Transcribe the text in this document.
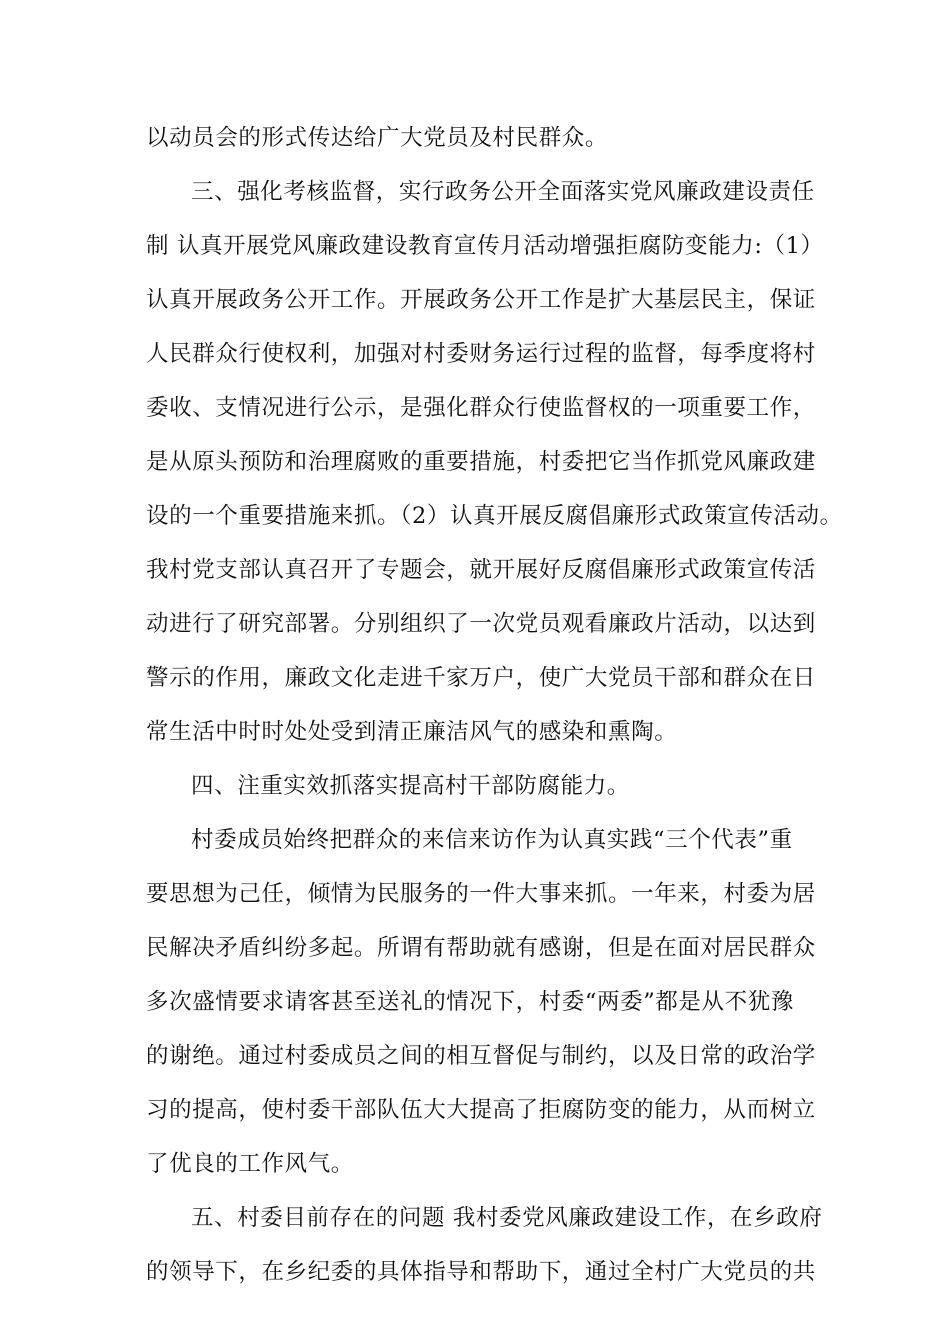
以动员会的形式传达给广大党员及村民群众。
三、强化考核监督，实行政务公开全面落实党风廉政建设责任
制 认真开展党风廉政建设教育宣传月活动增强拒腐防变能力:（1）
认真开展政务公开工作。开展政务公开工作是扩大基层民主，保证
人民群众行使权利，加强对村委财务运行过程的监督，每季度将村
委收、支情况进行公示，是强化群众行使监督权的一项重要工作，
是从原头预防和治理腐败的重要措施，村委把它当作抓党风廉政建
设的一个重要措施来抓。（2）认真开展反腐倡廉形式政策宣传活动。
我村党支部认真召开了专题会，就开展好反腐倡廉形式政策宣传活
动进行了研究部署。分别组织了一次党员观看廉政片活动，以达到
警示的作用，廉政文化走进千家万户，使广大党员干部和群众在日
常生活中时时处处受到清正廉洁风气的感染和熏陶。
四、注重实效抓落实提高村干部防腐能力。
村委成员始终把群众的来信来访作为认真实践“三个代表”重
要思想为己任，倾情为民服务的一件大事来抓。一年来，村委为居
民解决矛盾纠纷多起。所谓有帮助就有感谢，但是在面对居民群众
多次盛情要求请客甚至送礼的情况下，村委“两委”都是从不犹豫
的谢绝。通过村委成员之间的相互督促与制约，以及日常的政治学
习的提高，使村委干部队伍大大提高了拒腐防变的能力，从而树立
了优良的工作风气。
五、村委目前存在的问题 我村委党风廉政建设工作，在乡政府
的领导下，在乡纪委的具体指导和帮助下，通过全村广大党员的共
